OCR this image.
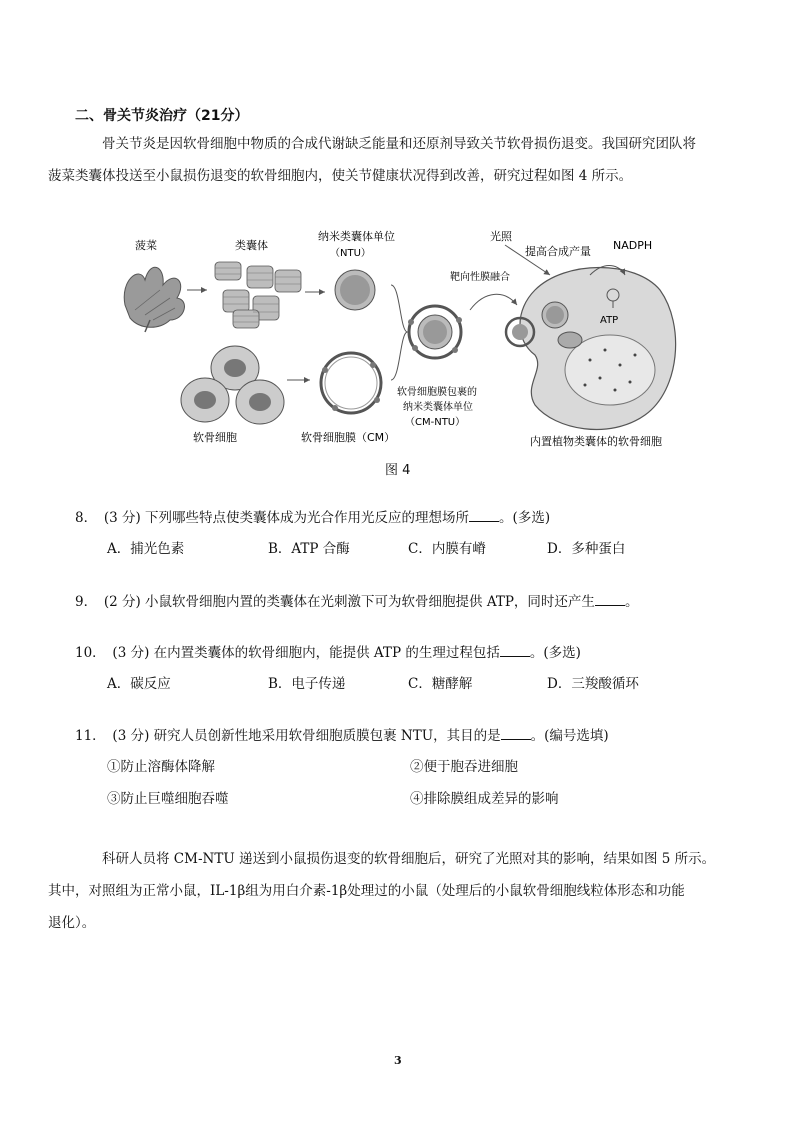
二、骨关节炎治疗（21分）
骨关节炎是因软骨细胞中物质的合成代谢缺乏能量和还原剂导致关节软骨损伤退变。我国研究团队将
菠菜类囊体投送至小鼠损伤退变的软骨细胞内，使关节健康状况得到改善，研究过程如图 4 所示。
菠菜	类囊体
纳米类囊体单位
（NTU）
软骨细胞	软骨细胞膜（CM）
软骨细胞膜包裹的
纳米类囊体单位
（CM-NTU）
靶向性膜融合
光照
提高合成产量 NADPH
ATP
内置植物类囊体的软骨细胞
图 4
8．　(3 分) 下列哪些特点使类囊体成为光合作用光反应的理想场所 。(多选)
A．捕光色素	B．ATP 合酶	C．内膜有嵴	D．多种蛋白
9．　(2 分) 小鼠软骨细胞内置的类囊体在光刺激下可为软骨细胞提供 ATP，同时还产生 。
10．　(3 分) 在内置类囊体的软骨细胞内，能提供 ATP 的生理过程包括 。(多选)
A．碳反应	B．电子传递	C．糖酵解	D．三羧酸循环
11．　(3 分) 研究人员创新性地采用软骨细胞质膜包裹 NTU，其目的是 。(编号选填)
①防止溶酶体降解	②便于胞吞进细胞
③防止巨噬细胞吞噬	④排除膜组成差异的影响
科研人员将 CM-NTU 递送到小鼠损伤退变的软骨细胞后，研究了光照对其的影响，结果如图 5 所示。
其中，对照组为正常小鼠，IL-1β组为用白介素-1β处理过的小鼠（处理后的小鼠软骨细胞线粒体形态和功能
退化）。
3
